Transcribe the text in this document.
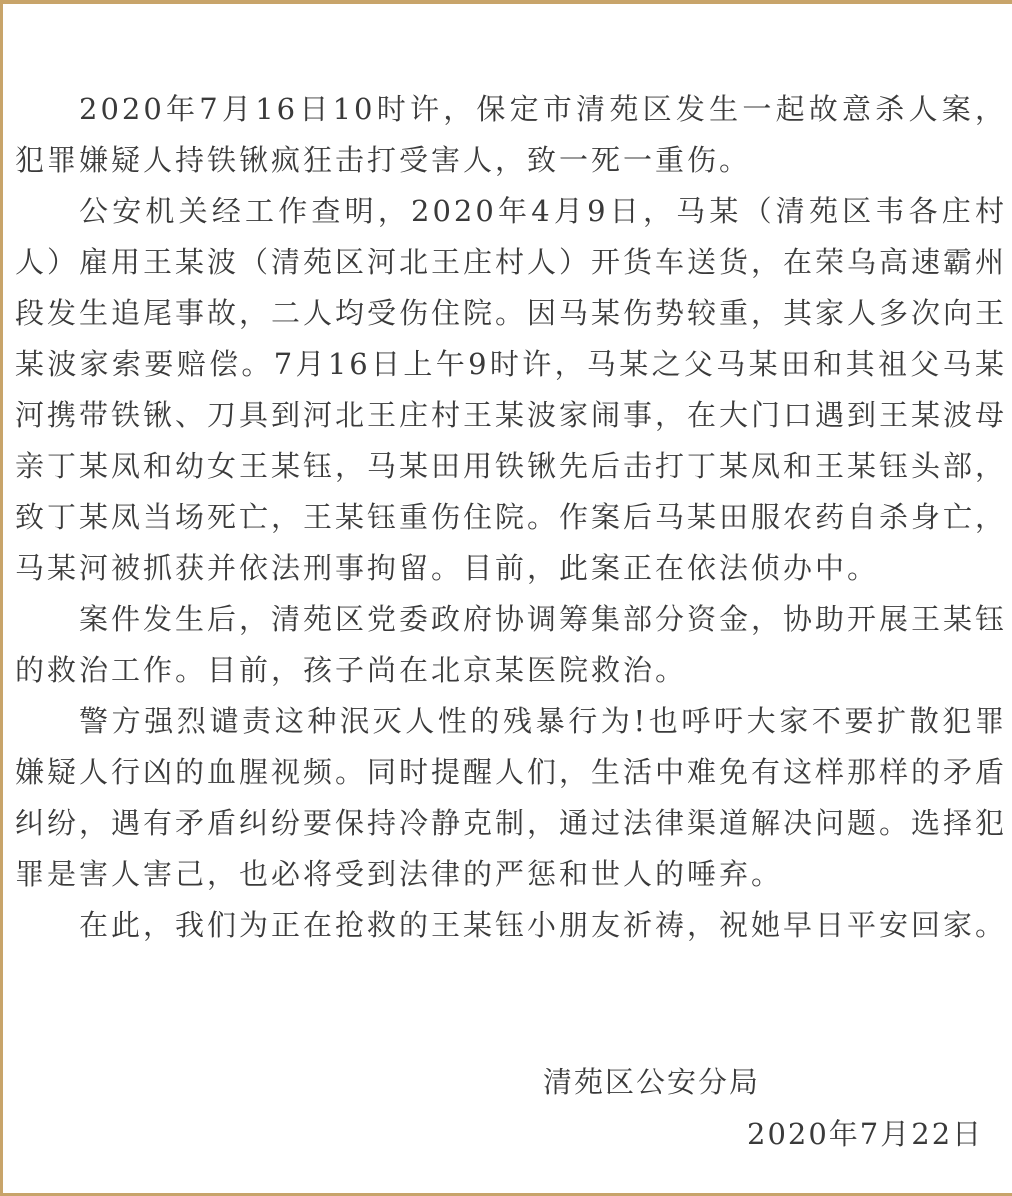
2020年7月16日10时许，保定市清苑区发生一起故意杀人案，犯罪嫌疑人持铁锹疯狂击打受害人，致一死一重伤。

公安机关经工作查明，2020年4月9日，马某（清苑区韦各庄村人）雇用王某波（清苑区河北王庄村人）开货车送货，在荣乌高速霸州段发生追尾事故，二人均受伤住院。因马某伤势较重，其家人多次向王某波家索要赔偿。7月16日上午9时许，马某之父马某田和其祖父马某河携带铁锹、刀具到河北王庄村王某波家闹事，在大门口遇到王某波母亲丁某凤和幼女王某钰，马某田用铁锹先后击打丁某凤和王某钰头部，致丁某凤当场死亡，王某钰重伤住院。作案后马某田服农药自杀身亡，马某河被抓获并依法刑事拘留。目前，此案正在依法侦办中。

案件发生后，清苑区党委政府协调筹集部分资金，协助开展王某钰的救治工作。目前，孩子尚在北京某医院救治。

警方强烈谴责这种泯灭人性的残暴行为!也呼吁大家不要扩散犯罪嫌疑人行凶的血腥视频。同时提醒人们，生活中难免有这样那样的矛盾纠纷，遇有矛盾纠纷要保持冷静克制，通过法律渠道解决问题。选择犯罪是害人害己，也必将受到法律的严惩和世人的唾弃。

在此，我们为正在抢救的王某钰小朋友祈祷，祝她早日平安回家。

清苑区公安分局
2020年7月22日
